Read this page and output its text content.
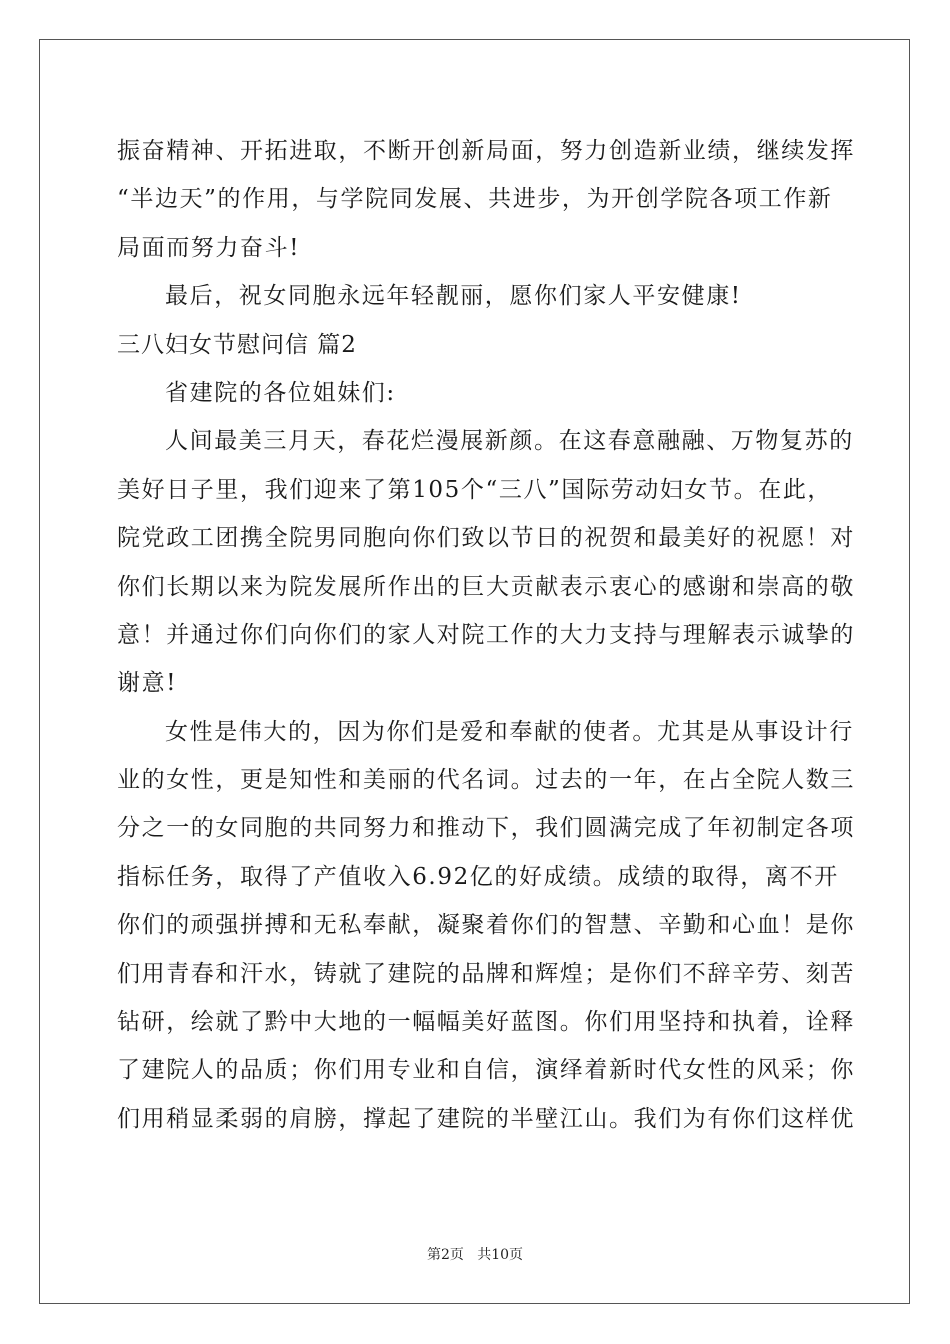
振奋精神、开拓进取，不断开创新局面，努力创造新业绩，继续发挥
“半边天”的作用，与学院同发展、共进步，为开创学院各项工作新
局面而努力奋斗!
最后，祝女同胞永远年轻靓丽，愿你们家人平安健康!
三八妇女节慰问信 篇2
省建院的各位姐妹们:
人间最美三月天，春花烂漫展新颜。在这春意融融、万物复苏的
美好日子里，我们迎来了第105个“三八”国际劳动妇女节。在此，
院党政工团携全院男同胞向你们致以节日的祝贺和最美好的祝愿！对
你们长期以来为院发展所作出的巨大贡献表示衷心的感谢和崇高的敬
意！并通过你们向你们的家人对院工作的大力支持与理解表示诚挚的
谢意!
女性是伟大的，因为你们是爱和奉献的使者。尤其是从事设计行
业的女性，更是知性和美丽的代名词。过去的一年，在占全院人数三
分之一的女同胞的共同努力和推动下，我们圆满完成了年初制定各项
指标任务，取得了产值收入6.92亿的好成绩。成绩的取得，离不开
你们的顽强拼搏和无私奉献，凝聚着你们的智慧、辛勤和心血！是你
们用青春和汗水，铸就了建院的品牌和辉煌；是你们不辞辛劳、刻苦
钻研，绘就了黔中大地的一幅幅美好蓝图。你们用坚持和执着，诠释
了建院人的品质；你们用专业和自信，演绎着新时代女性的风采；你
们用稍显柔弱的肩膀，撑起了建院的半壁江山。我们为有你们这样优
第2页   共10页
